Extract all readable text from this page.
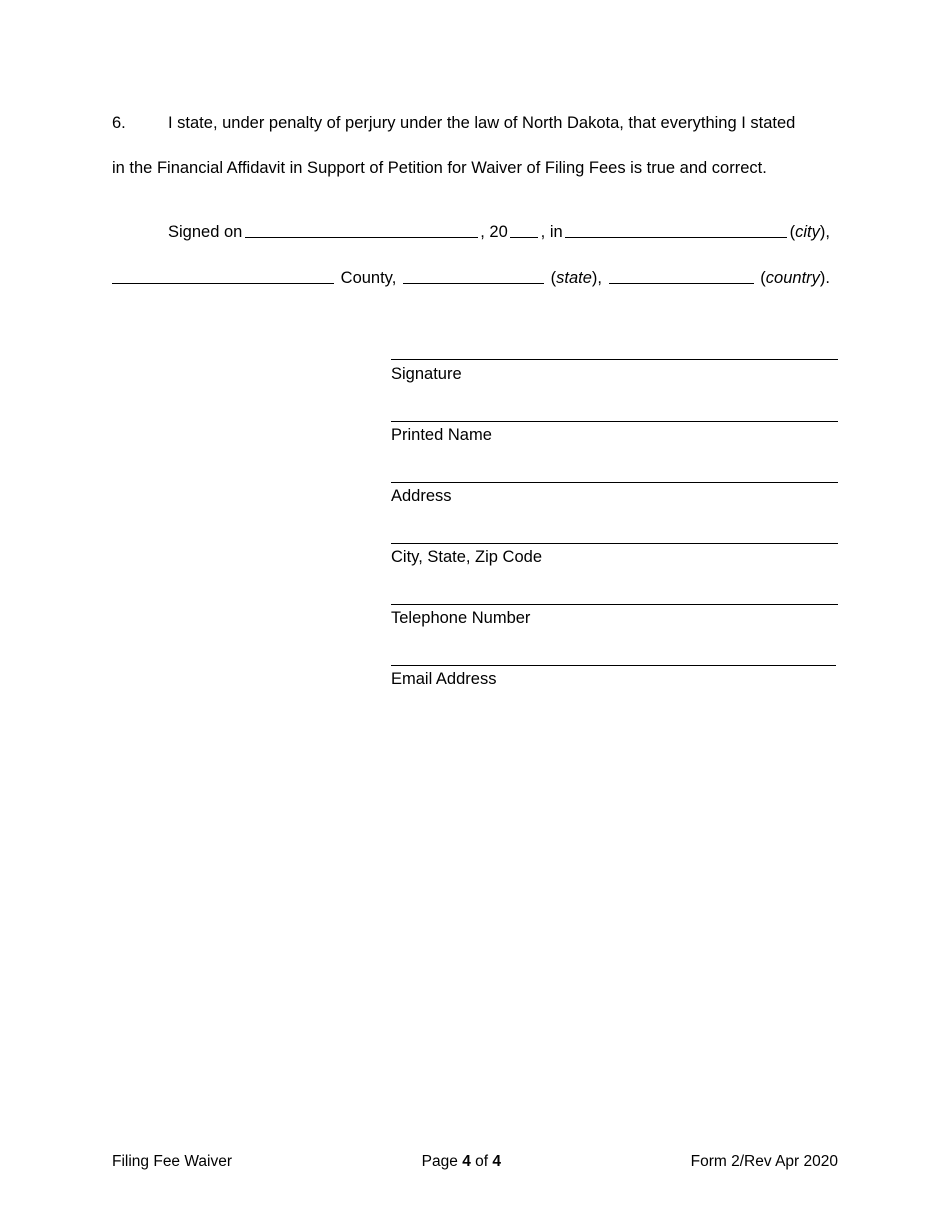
6.	I state, under penalty of perjury under the law of North Dakota, that everything I stated
in the Financial Affidavit in Support of Petition for Waiver of Filing Fees is true and correct.
Signed on	, 20 , in	(city),
County,	(state),	(country).
Signature
Printed Name
Address
City, State, Zip Code
Telephone Number
Email Address
Filing Fee Waiver	Page 4 of 4	Form 2/Rev Apr 2020
